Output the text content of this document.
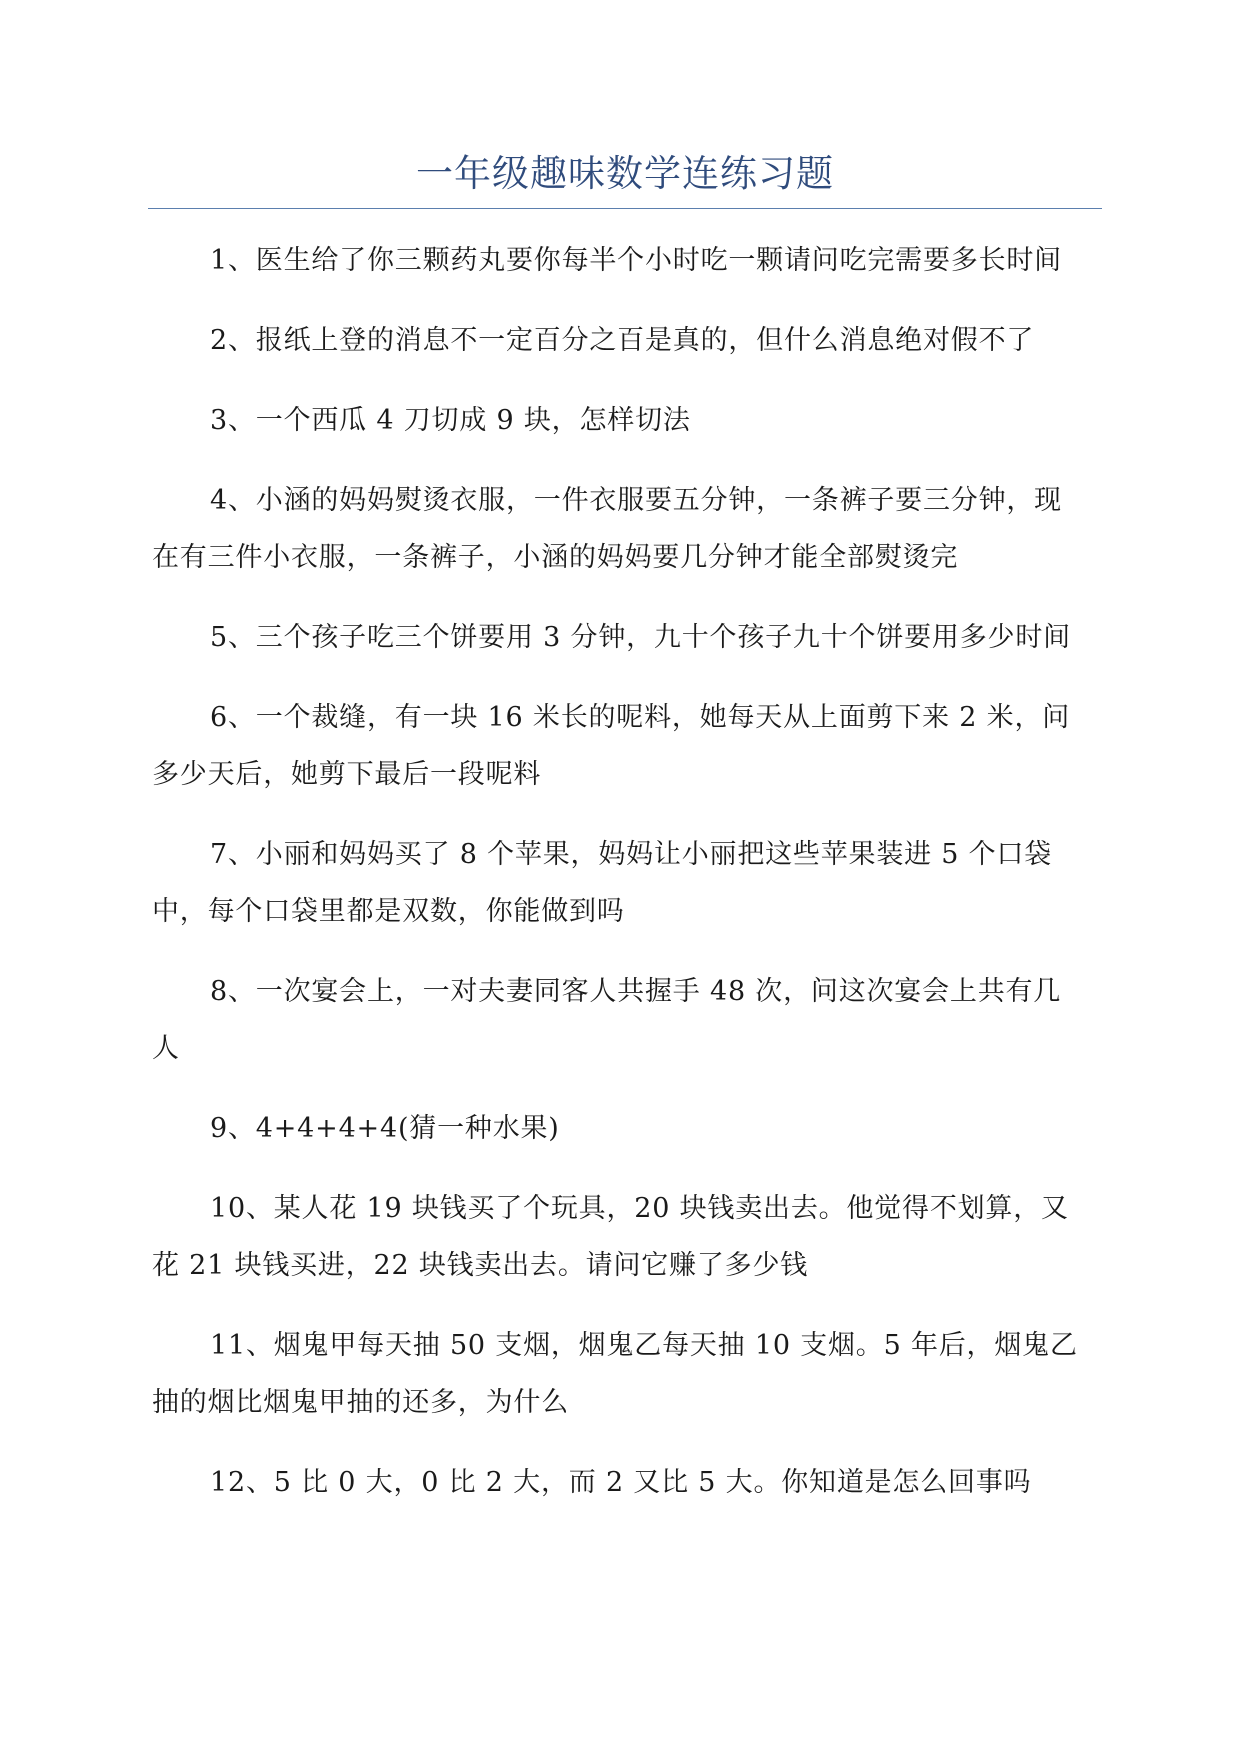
一年级趣味数学连练习题

1、医生给了你三颗药丸要你每半个小时吃一颗请问吃完需要多长时间

2、报纸上登的消息不一定百分之百是真的，但什么消息绝对假不了

3、一个西瓜 4 刀切成 9 块，怎样切法

4、小涵的妈妈熨烫衣服，一件衣服要五分钟，一条裤子要三分钟，现在有三件小衣服，一条裤子，小涵的妈妈要几分钟才能全部熨烫完

5、三个孩子吃三个饼要用 3 分钟，九十个孩子九十个饼要用多少时间

6、一个裁缝，有一块 16 米长的呢料，她每天从上面剪下来 2 米，问多少天后，她剪下最后一段呢料

7、小丽和妈妈买了 8 个苹果，妈妈让小丽把这些苹果装进 5 个口袋中，每个口袋里都是双数，你能做到吗

8、一次宴会上，一对夫妻同客人共握手 48 次，问这次宴会上共有几人

9、4+4+4+4(猜一种水果)

10、某人花 19 块钱买了个玩具，20 块钱卖出去。他觉得不划算，又花 21 块钱买进，22 块钱卖出去。请问它赚了多少钱

11、烟鬼甲每天抽 50 支烟，烟鬼乙每天抽 10 支烟。5 年后，烟鬼乙抽的烟比烟鬼甲抽的还多，为什么

12、5 比 0 大，0 比 2 大，而 2 又比 5 大。你知道是怎么回事吗
